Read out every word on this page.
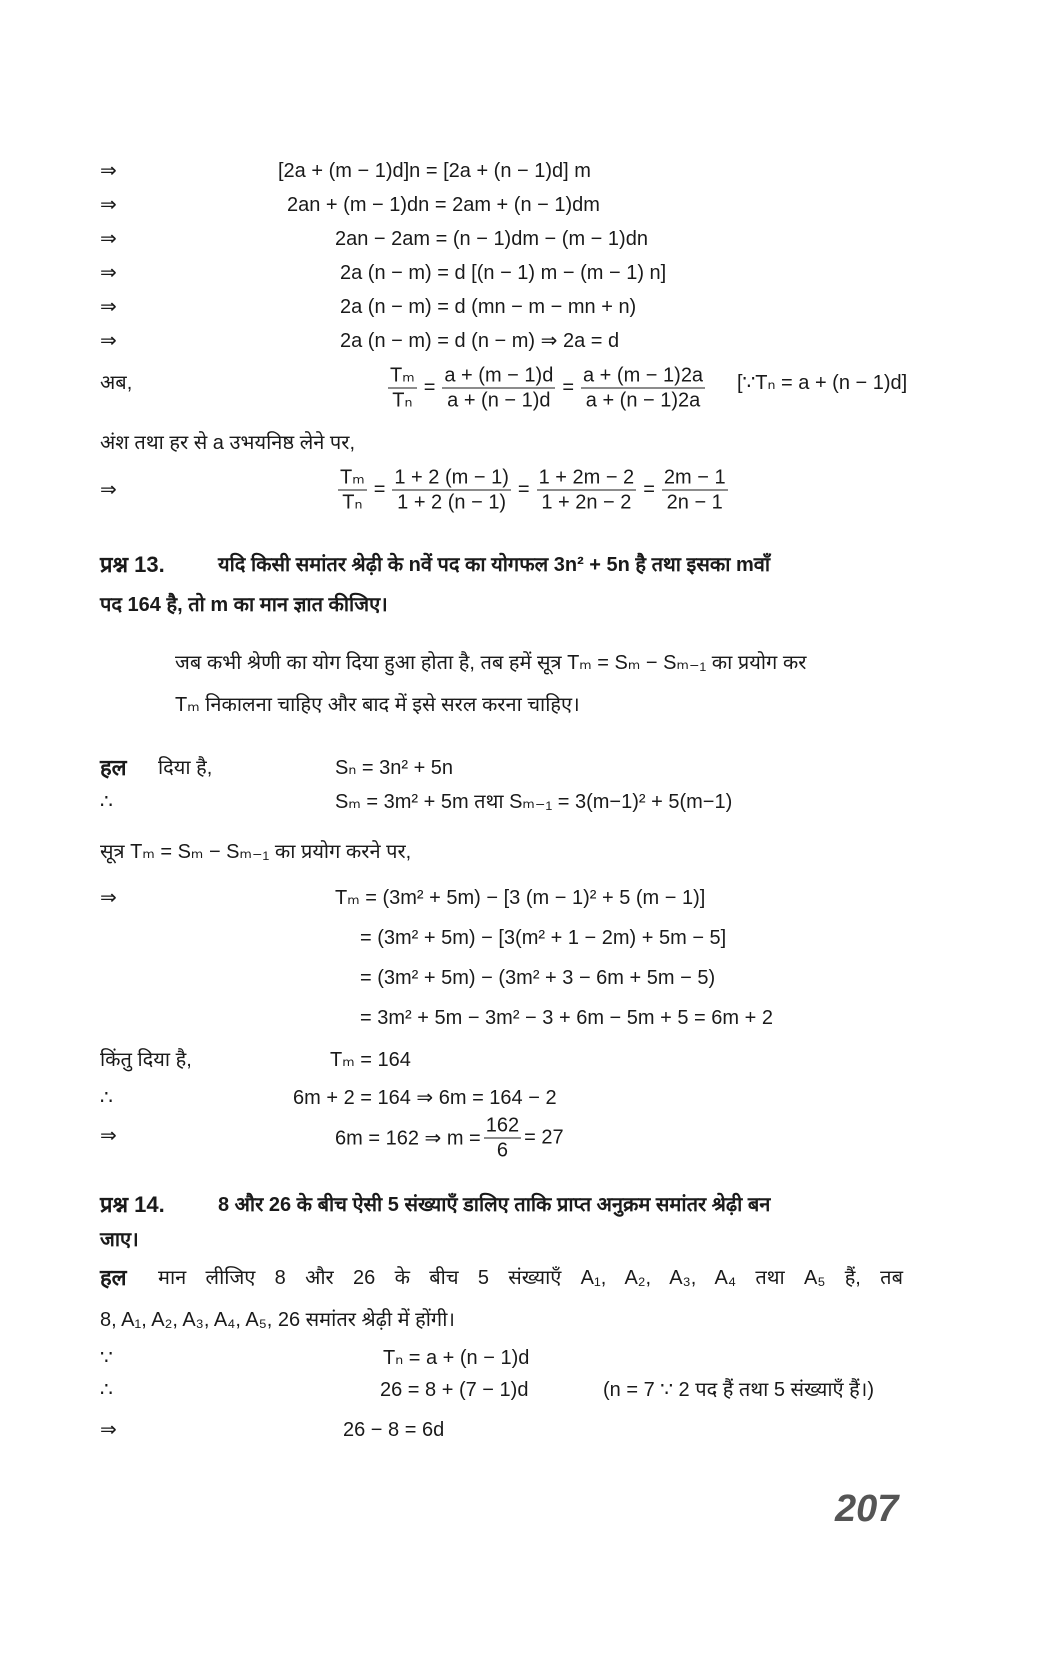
⇒	[2a + (m − 1)d]n = [2a + (n − 1)d] m
⇒	2an + (m − 1)dn = 2am + (n − 1)dm
⇒	2an − 2am = (n − 1)dm − (m − 1)dn
⇒	2a (n − m) = d [(n − 1) m − (m − 1) n]
⇒	2a (n − m) = d (mn − m − mn + n)
⇒	2a (n − m) = d (n − m) ⇒ 2a = d
अब,	$\frac{\text{Tₘ}}{\text{Tₙ}} = \frac{a + (m - 1)d}{a + (n - 1)d} = \frac{a + (m - 1)2a}{a + (n - 1)2a}$ [∵Tₙ = a + (n − 1)d]
अंश तथा हर से a उभयनिष्ठ लेने पर,
⇒	$\frac{\text{Tₘ}}{\text{Tₙ}} = \frac{1 + 2 (m - 1)}{1 + 2 (n - 1)} = \frac{1 + 2m - 2}{1 + 2n - 2} = \frac{2m - 1}{2n - 1}$
प्रश्न 13.	यदि किसी समांतर श्रेढ़ी के nवें पद का योगफल 3n² + 5n है तथा इसका mवाँ
पद 164 है, तो m का मान ज्ञात कीजिए।
जब कभी श्रेणी का योग दिया हुआ होता है, तब हमें सूत्र Tₘ = Sₘ − Sₘ₋₁ का प्रयोग कर
Tₘ निकालना चाहिए और बाद में इसे सरल करना चाहिए।
हल दिया है,	Sₙ = 3n² + 5n
∴	Sₘ = 3m² + 5m तथा Sₘ₋₁ = 3(m−1)² + 5(m−1)
सूत्र Tₘ = Sₘ − Sₘ₋₁ का प्रयोग करने पर,
⇒	Tₘ = (3m² + 5m) − [3 (m − 1)² + 5 (m − 1)]
= (3m² + 5m) − [3(m² + 1 − 2m) + 5m − 5]
= (3m² + 5m) − (3m² + 3 − 6m + 5m − 5)
= 3m² + 5m − 3m² − 3 + 6m − 5m + 5 = 6m + 2
किंतु दिया है,	Tₘ = 164
∴	6m + 2 = 164 ⇒ 6m = 164 − 2
⇒	6m = 162 ⇒ $m = \frac{162}{6} = 27$
प्रश्न 14.	8 और 26 के बीच ऐसी 5 संख्याएँ डालिए ताकि प्राप्त अनुक्रम समांतर श्रेढ़ी बन
जाए।
हल मान लीजिए 8 और 26 के बीच 5 संख्याएँ A₁, A₂, A₃, A₄ तथा A₅ हैं, तब
8, A₁, A₂, A₃, A₄, A₅, 26 समांतर श्रेढ़ी में होंगी।
∵	Tₙ = a + (n − 1)d
∴	26 = 8 + (7 − 1)d	(n = 7 ∵ 2 पद हैं तथा 5 संख्याएँ हैं।)
⇒	26 − 8 = 6d
207
